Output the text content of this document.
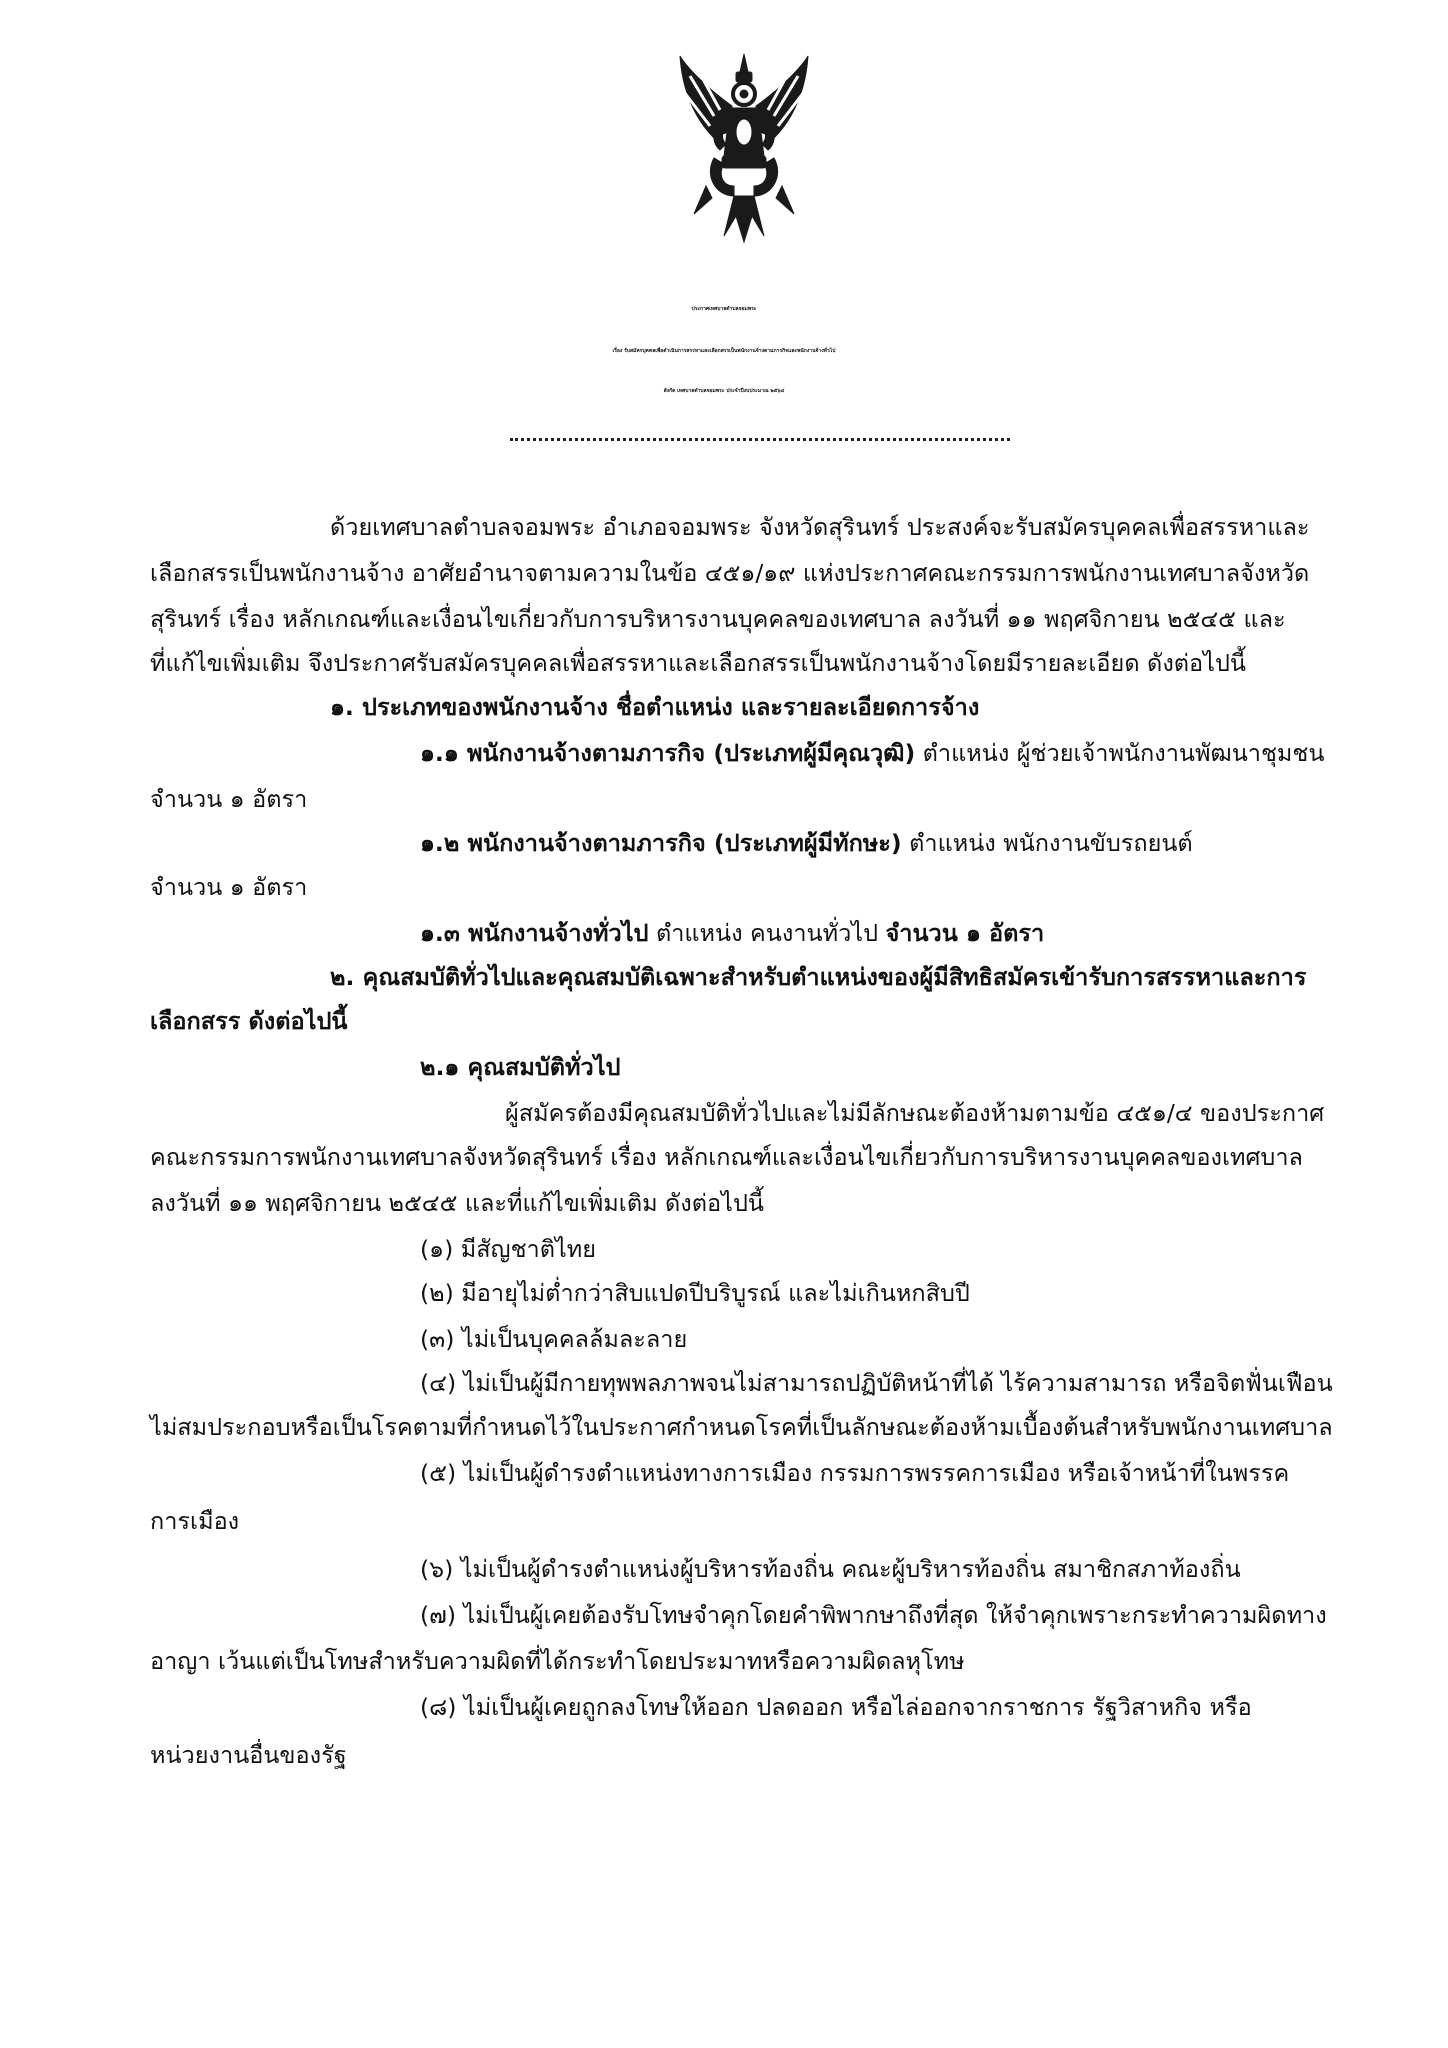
ประกาศเทศบาลตำบลจอมพระ
เรื่อง รับสมัครบุคคลเพื่อดำเนินการสรรหาและเลือกสรรเป็นพนักงานจ้างตามภารกิจและพนักงานจ้างทั่วไป
สังกัด เทศบาลตำบลจอมพระ ประจำปีงบประมาณ ๒๕๖๔
ด้วยเทศบาลตำบลจอมพระ อำเภอจอมพระ จังหวัดสุรินทร์ ประสงค์จะรับสมัครบุคคลเพื่อสรรหาและ
เลือกสรรเป็นพนักงานจ้าง อาศัยอำนาจตามความในข้อ ๔๕๑/๑๙ แห่งประกาศคณะกรรมการพนักงานเทศบาลจังหวัด
สุรินทร์ เรื่อง หลักเกณฑ์และเงื่อนไขเกี่ยวกับการบริหารงานบุคคลของเทศบาล ลงวันที่ ๑๑ พฤศจิกายน ๒๕๔๕ และ
ที่แก้ไขเพิ่มเติม จึงประกาศรับสมัครบุคคลเพื่อสรรหาและเลือกสรรเป็นพนักงานจ้างโดยมีรายละเอียด ดังต่อไปนี้
๑. ประเภทของพนักงานจ้าง ชื่อตำแหน่ง และรายละเอียดการจ้าง
๑.๑ พนักงานจ้างตามภารกิจ (ประเภทผู้มีคุณวุฒิ) ตำแหน่ง ผู้ช่วยเจ้าพนักงานพัฒนาชุมชน
จำนวน ๑ อัตรา
๑.๒ พนักงานจ้างตามภารกิจ (ประเภทผู้มีทักษะ) ตำแหน่ง พนักงานขับรถยนต์
จำนวน ๑ อัตรา
๑.๓ พนักงานจ้างทั่วไป ตำแหน่ง คนงานทั่วไป จำนวน ๑ อัตรา
๒. คุณสมบัติทั่วไปและคุณสมบัติเฉพาะสำหรับตำแหน่งของผู้มีสิทธิสมัครเข้ารับการสรรหาและการ
เลือกสรร ดังต่อไปนี้
๒.๑ คุณสมบัติทั่วไป
ผู้สมัครต้องมีคุณสมบัติทั่วไปและไม่มีลักษณะต้องห้ามตามข้อ ๔๕๑/๔ ของประกาศ
คณะกรรมการพนักงานเทศบาลจังหวัดสุรินทร์ เรื่อง หลักเกณฑ์และเงื่อนไขเกี่ยวกับการบริหารงานบุคคลของเทศบาล
ลงวันที่ ๑๑ พฤศจิกายน ๒๕๔๕ และที่แก้ไขเพิ่มเติม ดังต่อไปนี้
(๑) มีสัญชาติไทย
(๒) มีอายุไม่ต่ำกว่าสิบแปดปีบริบูรณ์ และไม่เกินหกสิบปี
(๓) ไม่เป็นบุคคลล้มละลาย
(๔) ไม่เป็นผู้มีกายทุพพลภาพจนไม่สามารถปฏิบัติหน้าที่ได้ ไร้ความสามารถ หรือจิตฟั่นเฟือน
ไม่สมประกอบหรือเป็นโรคตามที่กำหนดไว้ในประกาศกำหนดโรคที่เป็นลักษณะต้องห้ามเบื้องต้นสำหรับพนักงานเทศบาล
(๕) ไม่เป็นผู้ดำรงตำแหน่งทางการเมือง กรรมการพรรคการเมือง หรือเจ้าหน้าที่ในพรรค
การเมือง
(๖) ไม่เป็นผู้ดำรงตำแหน่งผู้บริหารท้องถิ่น คณะผู้บริหารท้องถิ่น สมาชิกสภาท้องถิ่น
(๗) ไม่เป็นผู้เคยต้องรับโทษจำคุกโดยคำพิพากษาถึงที่สุด ให้จำคุกเพราะกระทำความผิดทาง
อาญา เว้นแต่เป็นโทษสำหรับความผิดที่ได้กระทำโดยประมาทหรือความผิดลหุโทษ
(๘) ไม่เป็นผู้เคยถูกลงโทษให้ออก ปลดออก หรือไล่ออกจากราชการ รัฐวิสาหกิจ หรือ
หน่วยงานอื่นของรัฐ
